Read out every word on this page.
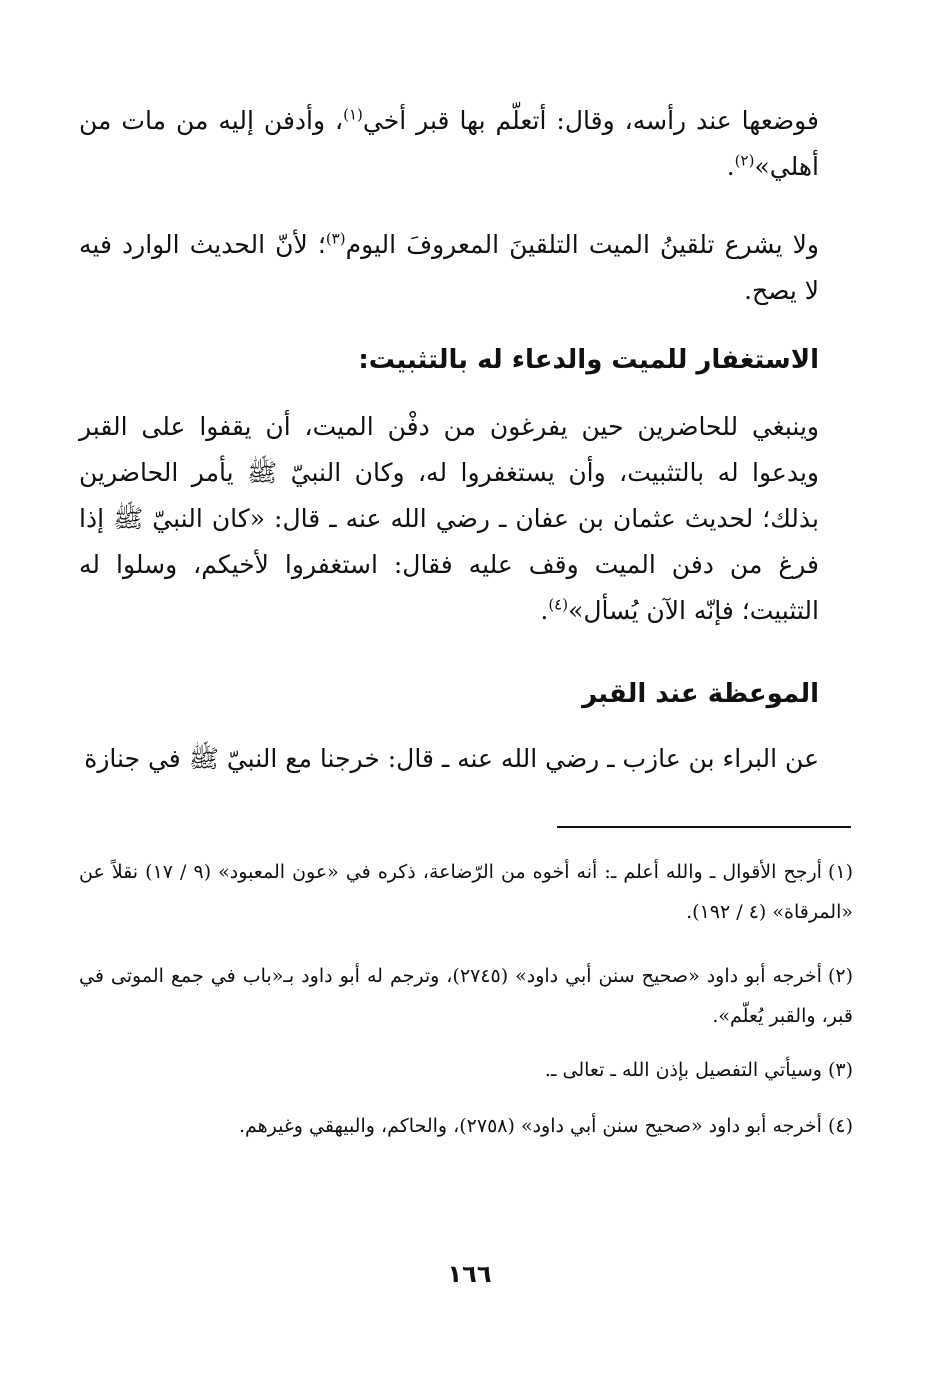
فوضعها عند رأسه، وقال: أتعلّم بها قبر أخي$^{(١)}$، وأدفن إليه من مات من أهلي»$^{(٢)}$.

ولا يشرع تلقينُ الميت التلقينَ المعروفَ اليوم$^{(٣)}$؛ لأنّ الحديث الوارد فيه لا يصح.

الاستغفار للميت والدعاء له بالتثبيت:

وينبغي للحاضرين حين يفرغون من دفْن الميت، أن يقفوا على القبر ويدعوا له بالتثبيت، وأن يستغفروا له، وكان النبيّ ﷺ يأمر الحاضرين بذلك؛ لحديث عثمان بن عفان ـ رضي الله عنه ـ قال: «كان النبيّ ﷺ إذا فرغ من دفن الميت وقف عليه فقال: استغفروا لأخيكم، وسلوا له التثبيت؛ فإنّه الآن يُسأل»$^{(٤)}$.

الموعظة عند القبر

عن البراء بن عازب ـ رضي الله عنه ـ قال: خرجنا مع النبيّ ﷺ في جنازة

(١)أرجح الأقوال ـ والله أعلم ـ: أنه أخوه من الرّضاعة، ذكره في «عون المعبود» (٩ / ١٧) نقلاً عن «المرقاة» (٤ / ١٩٢).

(٢)أخرجه أبو داود «صحيح سنن أبي داود» (٢٧٤٥)، وترجم له أبو داود بـ«باب في جمع الموتى في قبر، والقبر يُعلّم».

(٣)وسيأتي التفصيل بإذن الله ـ تعالى ـ.

(٤)أخرجه أبو داود «صحيح سنن أبي داود» (٢٧٥٨)، والحاكم، والبيهقي وغيرهم.

١٦٦
